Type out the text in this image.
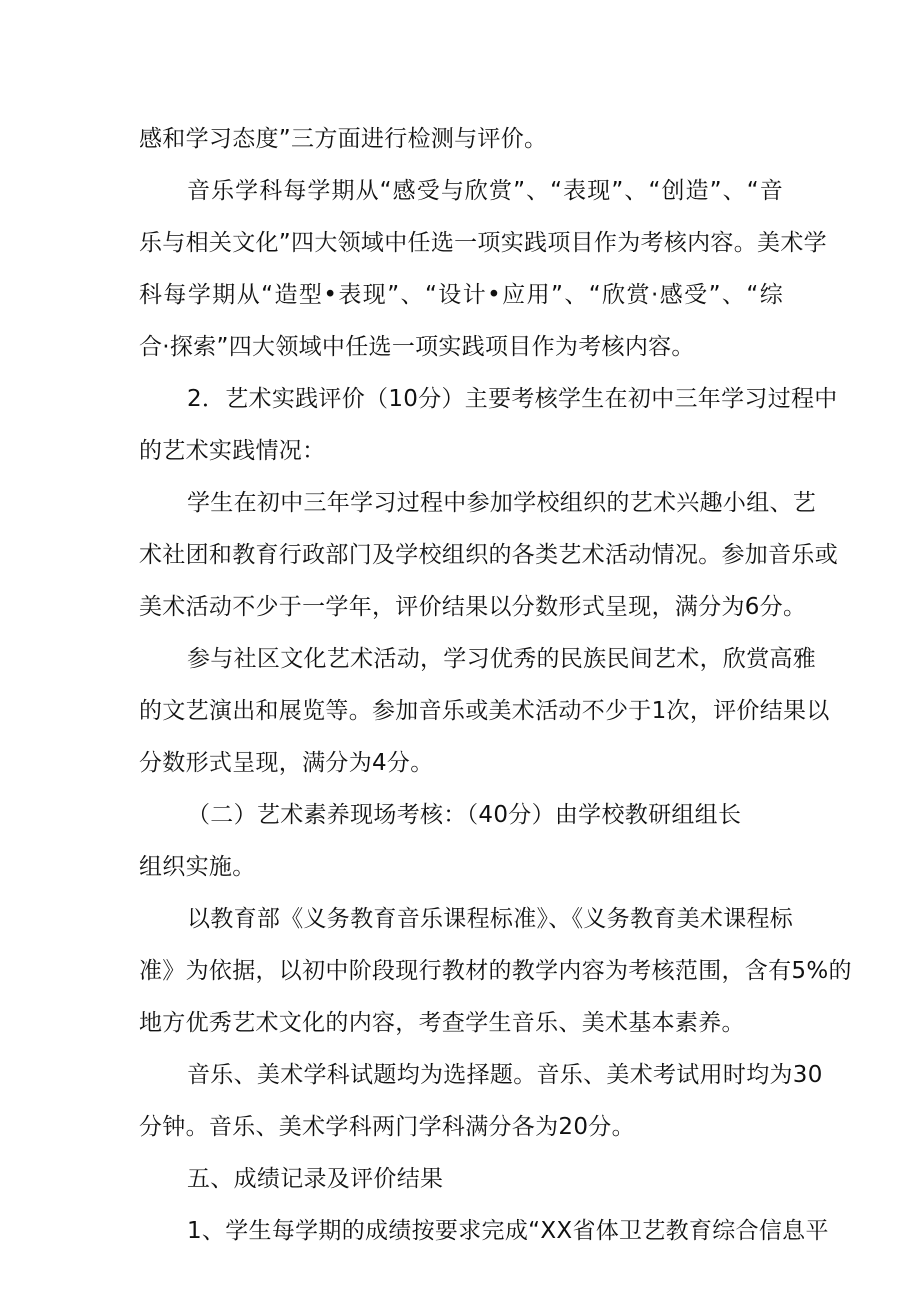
感和学习态度”三方面进行检测与评价。
音乐学科每学期从“感受与欣赏”、“表现”、“创造”、“音
乐与相关文化”四大领域中任选一项实践项目作为考核内容。美术学
科每学期从“造型•表现”、“设计•应用”、“欣赏·感受”、“综
合·探索”四大领域中任选一项实践项目作为考核内容。
2．艺术实践评价（10分）主要考核学生在初中三年学习过程中
的艺术实践情况：
学生在初中三年学习过程中参加学校组织的艺术兴趣小组、艺
术社团和教育行政部门及学校组织的各类艺术活动情况。参加音乐或
美术活动不少于一学年，评价结果以分数形式呈现，满分为6分。
参与社区文化艺术活动，学习优秀的民族民间艺术，欣赏高雅
的文艺演出和展览等。参加音乐或美术活动不少于1次，评价结果以
分数形式呈现，满分为4分。
（二）艺术素养现场考核：（40分）由学校教研组组长
组织实施。
以教育部《义务教育音乐课程标准》、《义务教育美术课程标
准》为依据，以初中阶段现行教材的教学内容为考核范围，含有5%的
地方优秀艺术文化的内容，考查学生音乐、美术基本素养。
音乐、美术学科试题均为选择题。音乐、美术考试用时均为30
分钟。音乐、美术学科两门学科满分各为20分。
五、成绩记录及评价结果
1、学生每学期的成绩按要求完成“XX省体卫艺教育综合信息平
